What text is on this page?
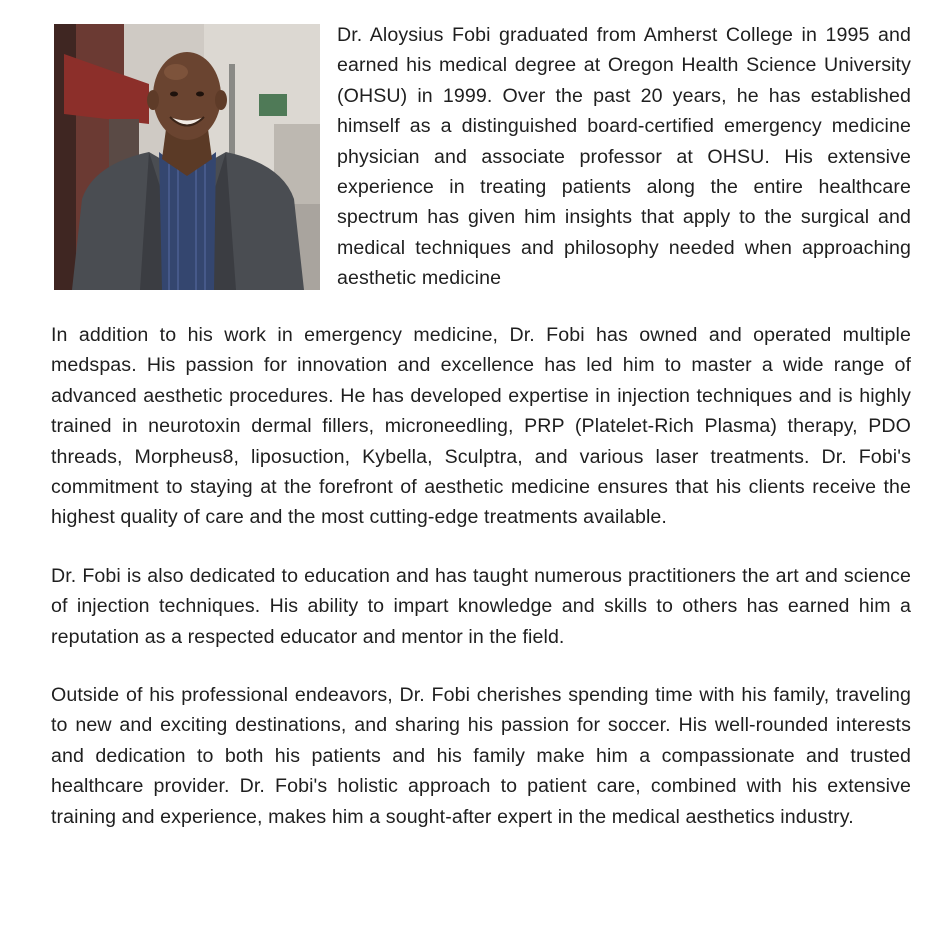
Dr. Aloysius Fobi graduated from Amherst College in 1995 and earned his medical degree at Oregon Health Science University (OHSU) in 1999. Over the past 20 years, he has established himself as a distinguished board-certified emergency medicine physician and associate professor at OHSU. His extensive experience in treating patients along the entire healthcare spectrum has given him insights that apply to the surgical and medical techniques and philosophy needed when approaching aesthetic medicine

In addition to his work in emergency medicine, Dr. Fobi has owned and operated multiple medspas. His passion for innovation and excellence has led him to master a wide range of advanced aesthetic procedures. He has developed expertise in injection techniques and is highly trained in neurotoxin dermal fillers, microneedling, PRP (Platelet-Rich Plasma) therapy, PDO threads, Morpheus8, liposuction, Kybella, Sculptra, and various laser treatments. Dr. Fobi's commitment to staying at the forefront of aesthetic medicine ensures that his clients receive the highest quality of care and the most cutting-edge treatments available.

Dr. Fobi is also dedicated to education and has taught numerous practitioners the art and science of injection techniques. His ability to impart knowledge and skills to others has earned him a reputation as a respected educator and mentor in the field.

Outside of his professional endeavors, Dr. Fobi cherishes spending time with his family, traveling to new and exciting destinations, and sharing his passion for soccer. His well-rounded interests and dedication to both his patients and his family make him a compassionate and trusted healthcare provider. Dr. Fobi's holistic approach to patient care, combined with his extensive training and experience, makes him a sought-after expert in the medical aesthetics industry.
